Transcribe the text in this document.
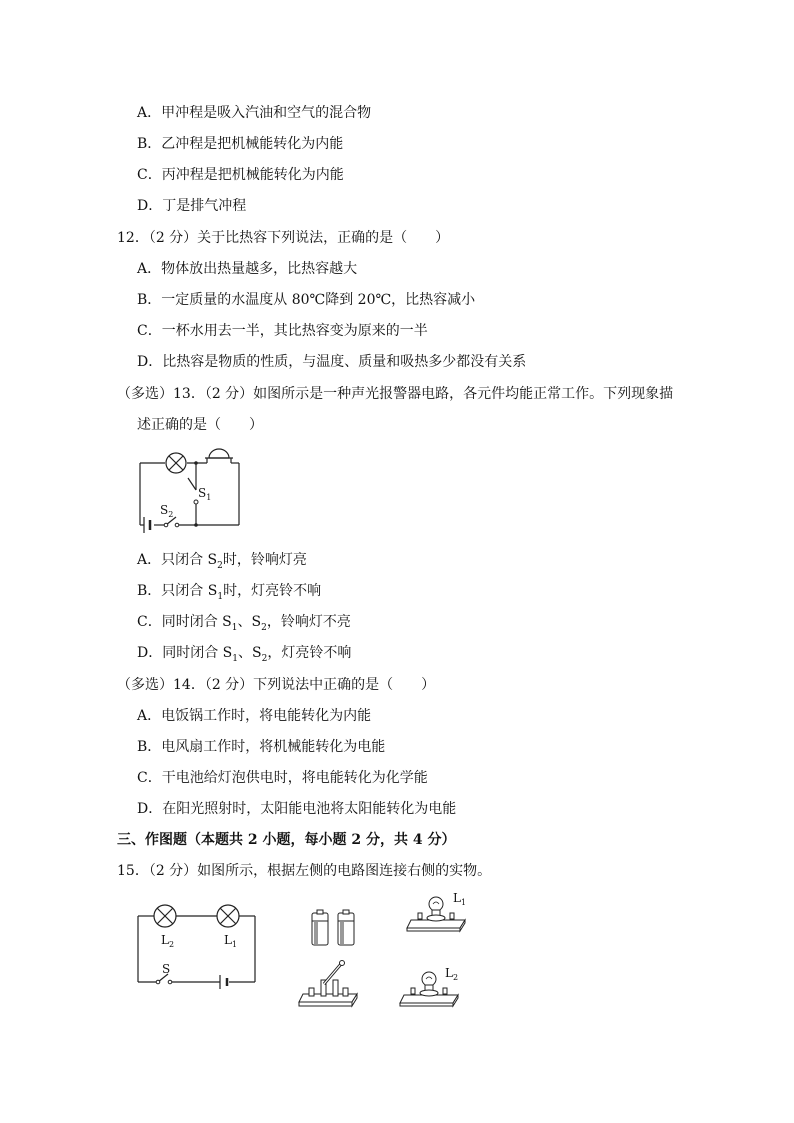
A．甲冲程是吸入汽油和空气的混合物
B．乙冲程是把机械能转化为内能
C．丙冲程是把机械能转化为内能
D．丁是排气冲程
12．（2 分）关于比热容下列说法，正确的是（　　）
A．物体放出热量越多，比热容越大
B．一定质量的水温度从 80℃降到 20℃，比热容减小
C．一杯水用去一半，其比热容变为原来的一半
D．比热容是物质的性质，与温度、质量和吸热多少都没有关系
（多选）13．（2 分）如图所示是一种声光报警器电路，各元件均能正常工作。下列现象描
述正确的是（　　）
$S_1$
$S_2$
A．只闭合 $S_2$时，铃响灯亮
B．只闭合 $S_1$时，灯亮铃不响
C．同时闭合 $S_1$、$S_2$，铃响灯不亮
D．同时闭合 $S_1$、$S_2$，灯亮铃不响
（多选）14．（2 分）下列说法中正确的是（　　）
A．电饭锅工作时，将电能转化为内能
B．电风扇工作时，将机械能转化为电能
C．干电池给灯泡供电时，将电能转化为化学能
D．在阳光照射时，太阳能电池将太阳能转化为电能
三、作图题（本题共 2 小题，每小题 2 分，共 4 分）
15．（2 分）如图所示，根据左侧的电路图连接右侧的实物。
$L_2$	$L_1$
S
$L_1$
$L_2$
